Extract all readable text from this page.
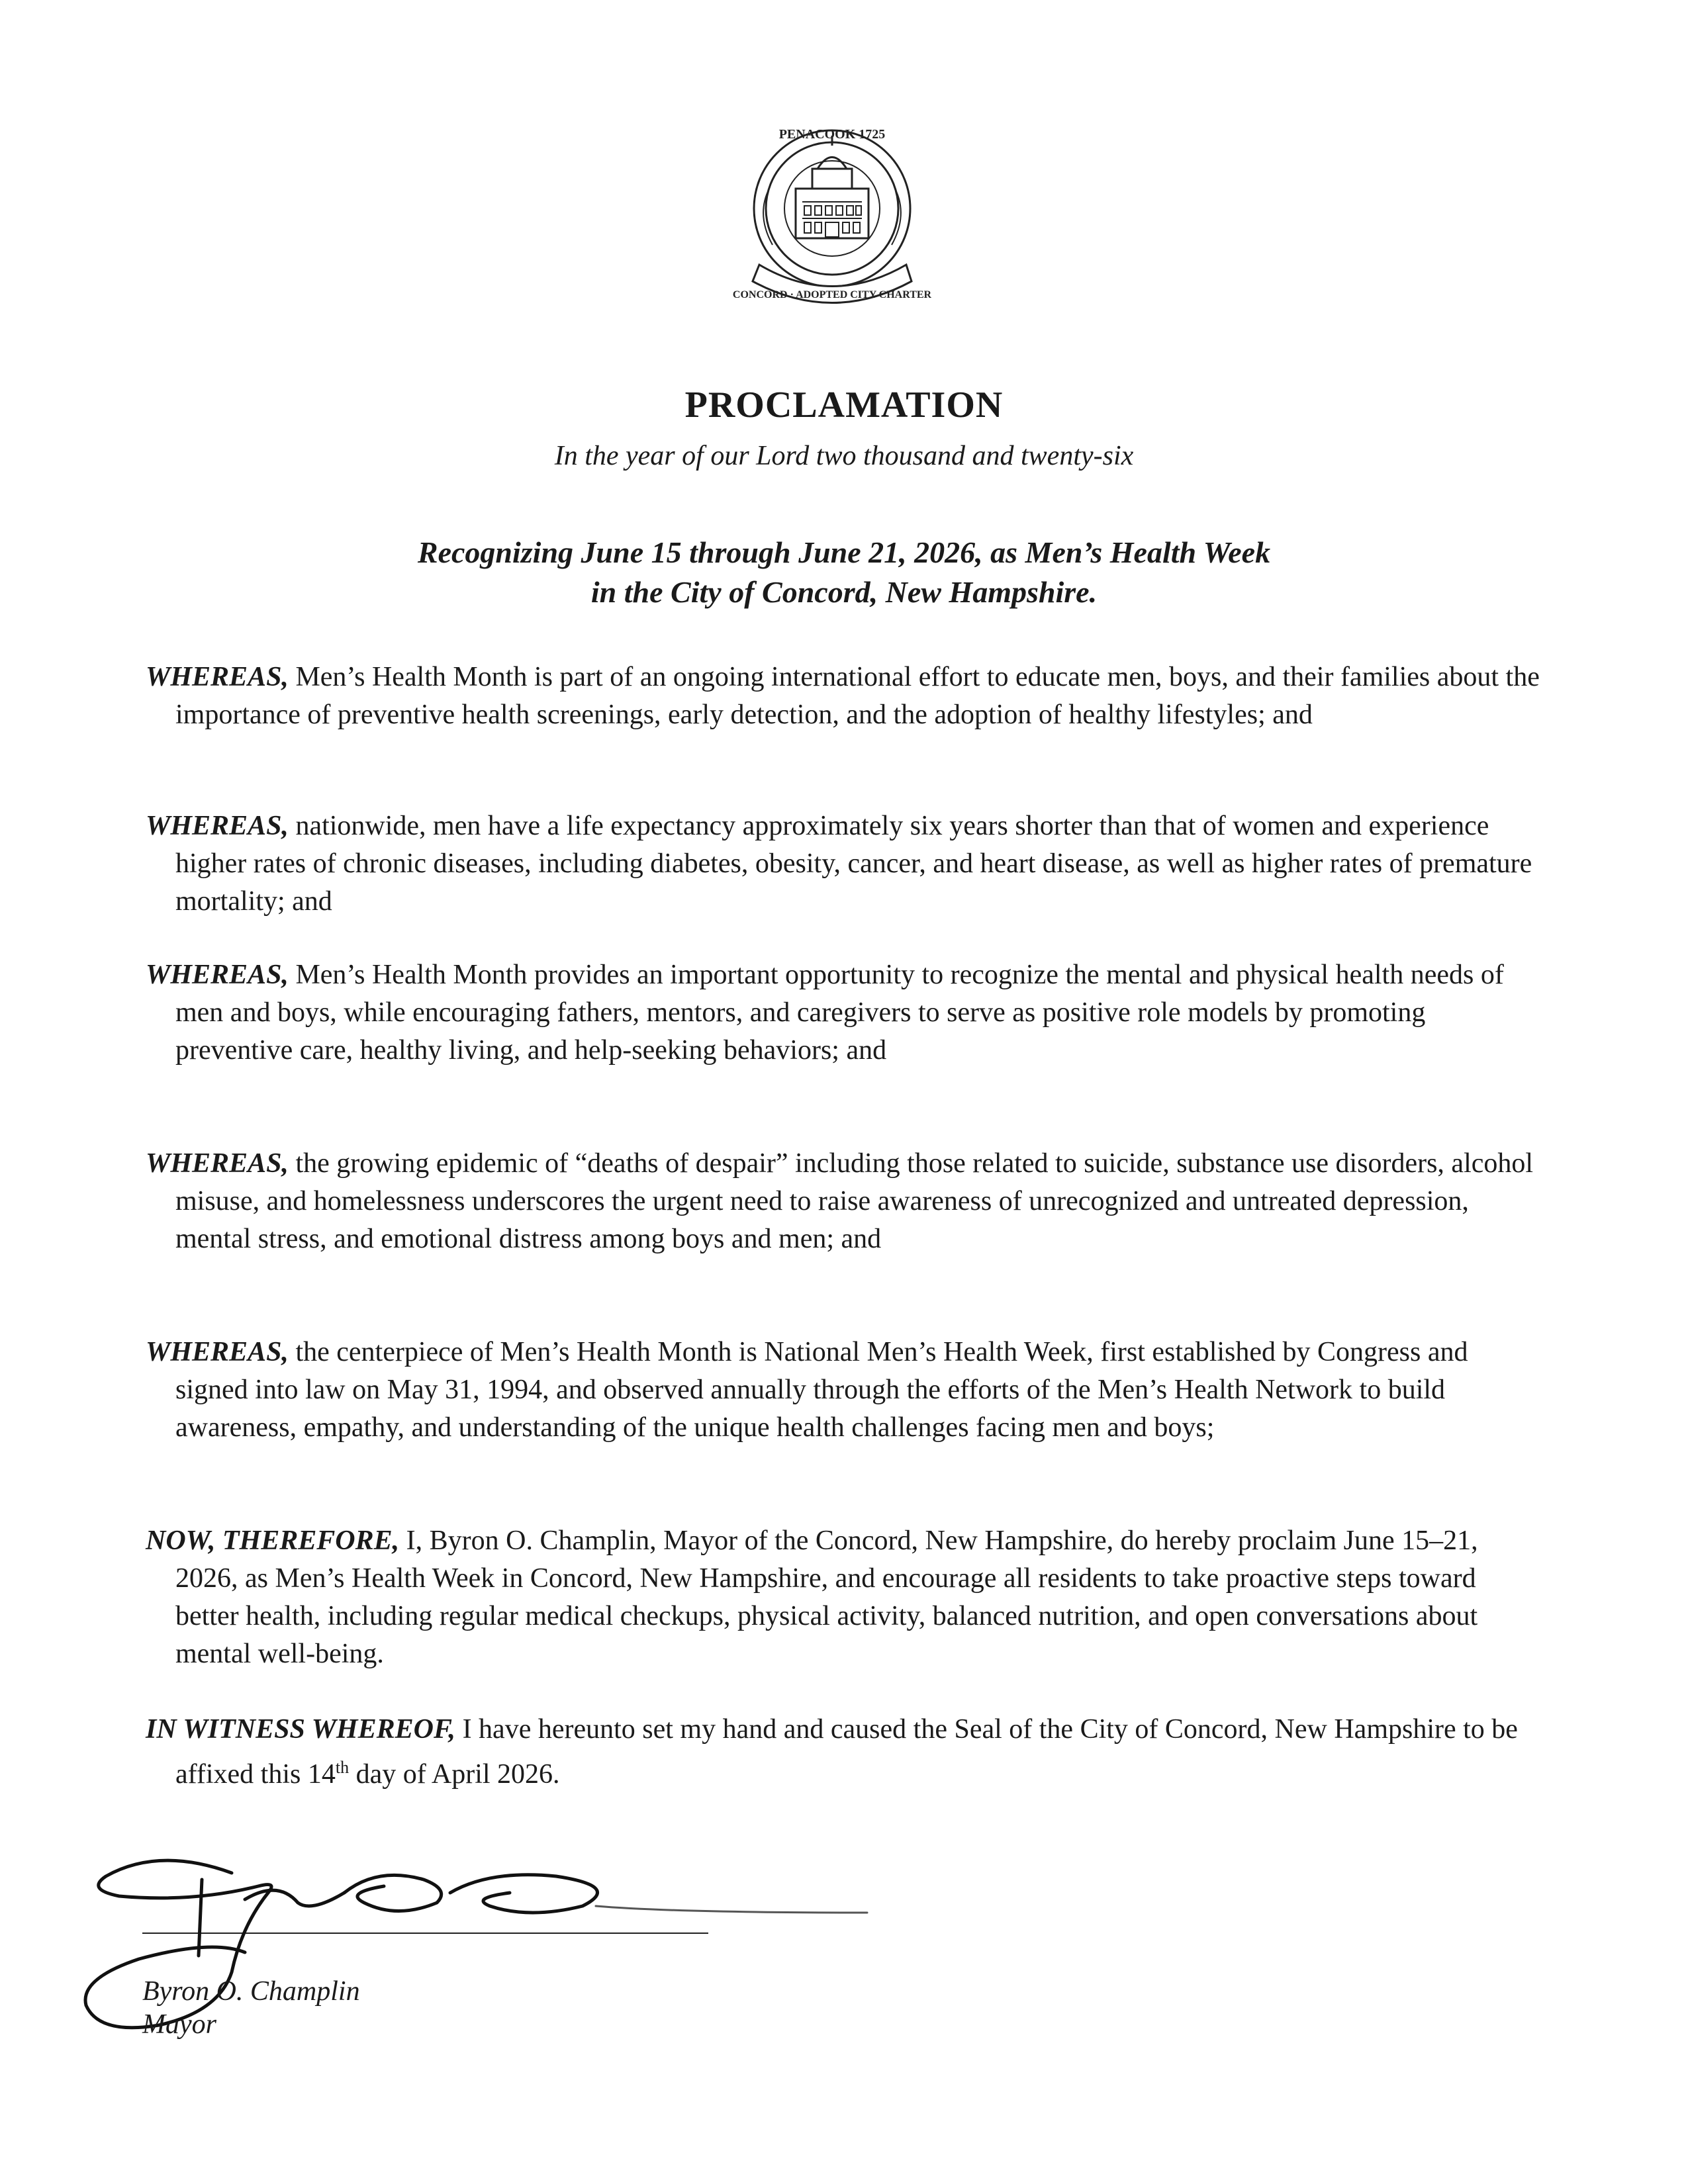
PENACOOK 1725
CONCORD · ADOPTED CITY CHARTER
PROCLAMATION
In the year of our Lord two thousand and twenty-six
Recognizing June 15 through June 21, 2026, as Men’s Health Week
in the City of Concord, New Hampshire.
WHEREAS, Men’s Health Month is part of an ongoing international effort to educate men, boys, and their families about the importance of preventive health screenings, early detection, and the adoption of healthy lifestyles; and
WHEREAS, nationwide, men have a life expectancy approximately six years shorter than that of women and experience higher rates of chronic diseases, including diabetes, obesity, cancer, and heart disease, as well as higher rates of premature mortality; and
WHEREAS, Men’s Health Month provides an important opportunity to recognize the mental and physical health needs of men and boys, while encouraging fathers, mentors, and caregivers to serve as positive role models by promoting preventive care, healthy living, and help-seeking behaviors; and
WHEREAS, the growing epidemic of “deaths of despair” including those related to suicide, substance use disorders, alcohol misuse, and homelessness underscores the urgent need to raise awareness of unrecognized and untreated depression, mental stress, and emotional distress among boys and men; and
WHEREAS, the centerpiece of Men’s Health Month is National Men’s Health Week, first established by Congress and signed into law on May 31, 1994, and observed annually through the efforts of the Men’s Health Network to build awareness, empathy, and understanding of the unique health challenges facing men and boys;
NOW, THEREFORE, I, Byron O. Champlin, Mayor of the Concord, New Hampshire, do hereby proclaim June 15–21, 2026, as Men’s Health Week in Concord, New Hampshire, and encourage all residents to take proactive steps toward better health, including regular medical checkups, physical activity, balanced nutrition, and open conversations about mental well-being.
IN WITNESS WHEREOF, I have hereunto set my hand and caused the Seal of the City of Concord, New Hampshire to be affixed this 14th day of April 2026.
Byron O. Champlin
Mayor
